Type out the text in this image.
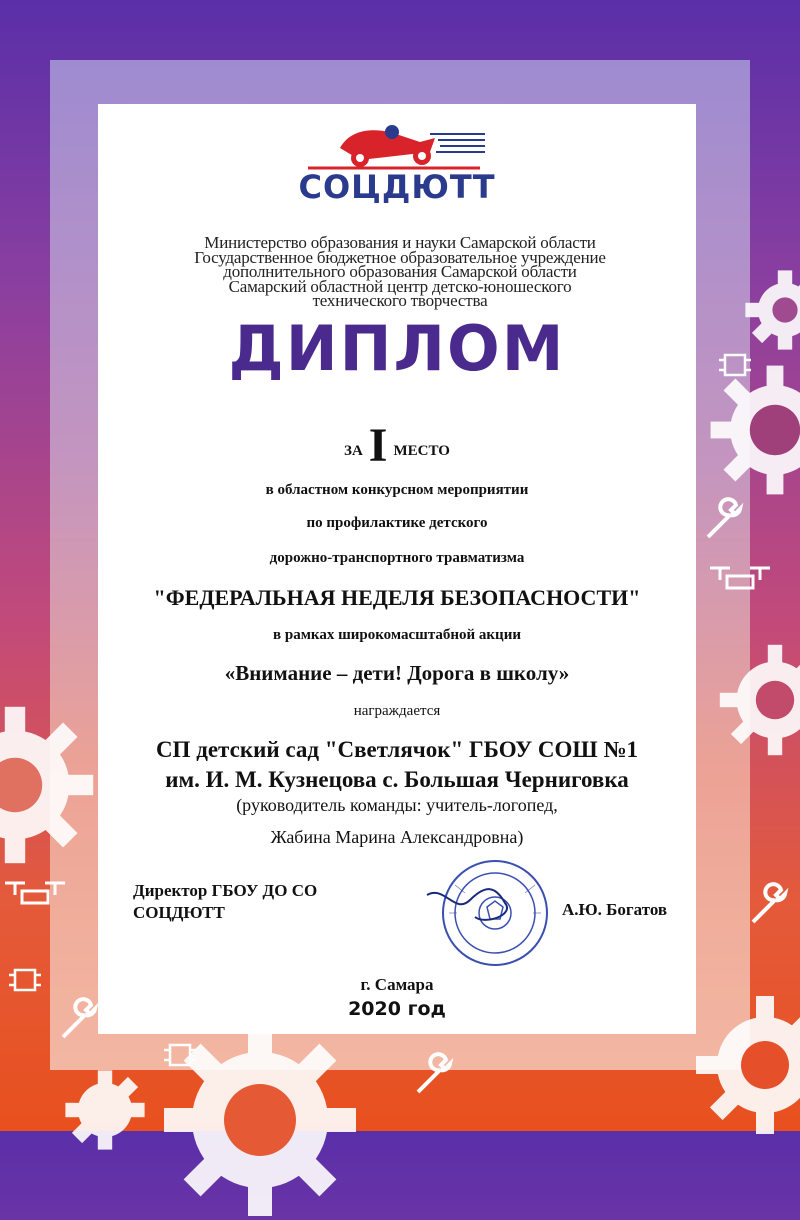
СОЦДЮТТ
Министерство образования и науки Самарской области
Государственное бюджетное образовательное учреждение
дополнительного образования Самарской области
Самарский областной центр детско-юношеского
технического творчества
ДИПЛОМ
ЗА I МЕСТО
в областном конкурсном мероприятии
по профилактике детского
дорожно-транспортного травматизма
"ФЕДЕРАЛЬНАЯ НЕДЕЛЯ БЕЗОПАСНОСТИ"
в рамках широкомасштабной акции
«Внимание – дети! Дорога в школу»
награждается
СП детский сад "Светлячок" ГБОУ СОШ №1
им. И. М. Кузнецова с. Большая Черниговка
(руководитель команды: учитель-логопед,
Жабина Марина Александровна)
Директор ГБОУ ДО СО
СОЦДЮТТ	А.Ю. Богатов
г. Самара
2020 год
